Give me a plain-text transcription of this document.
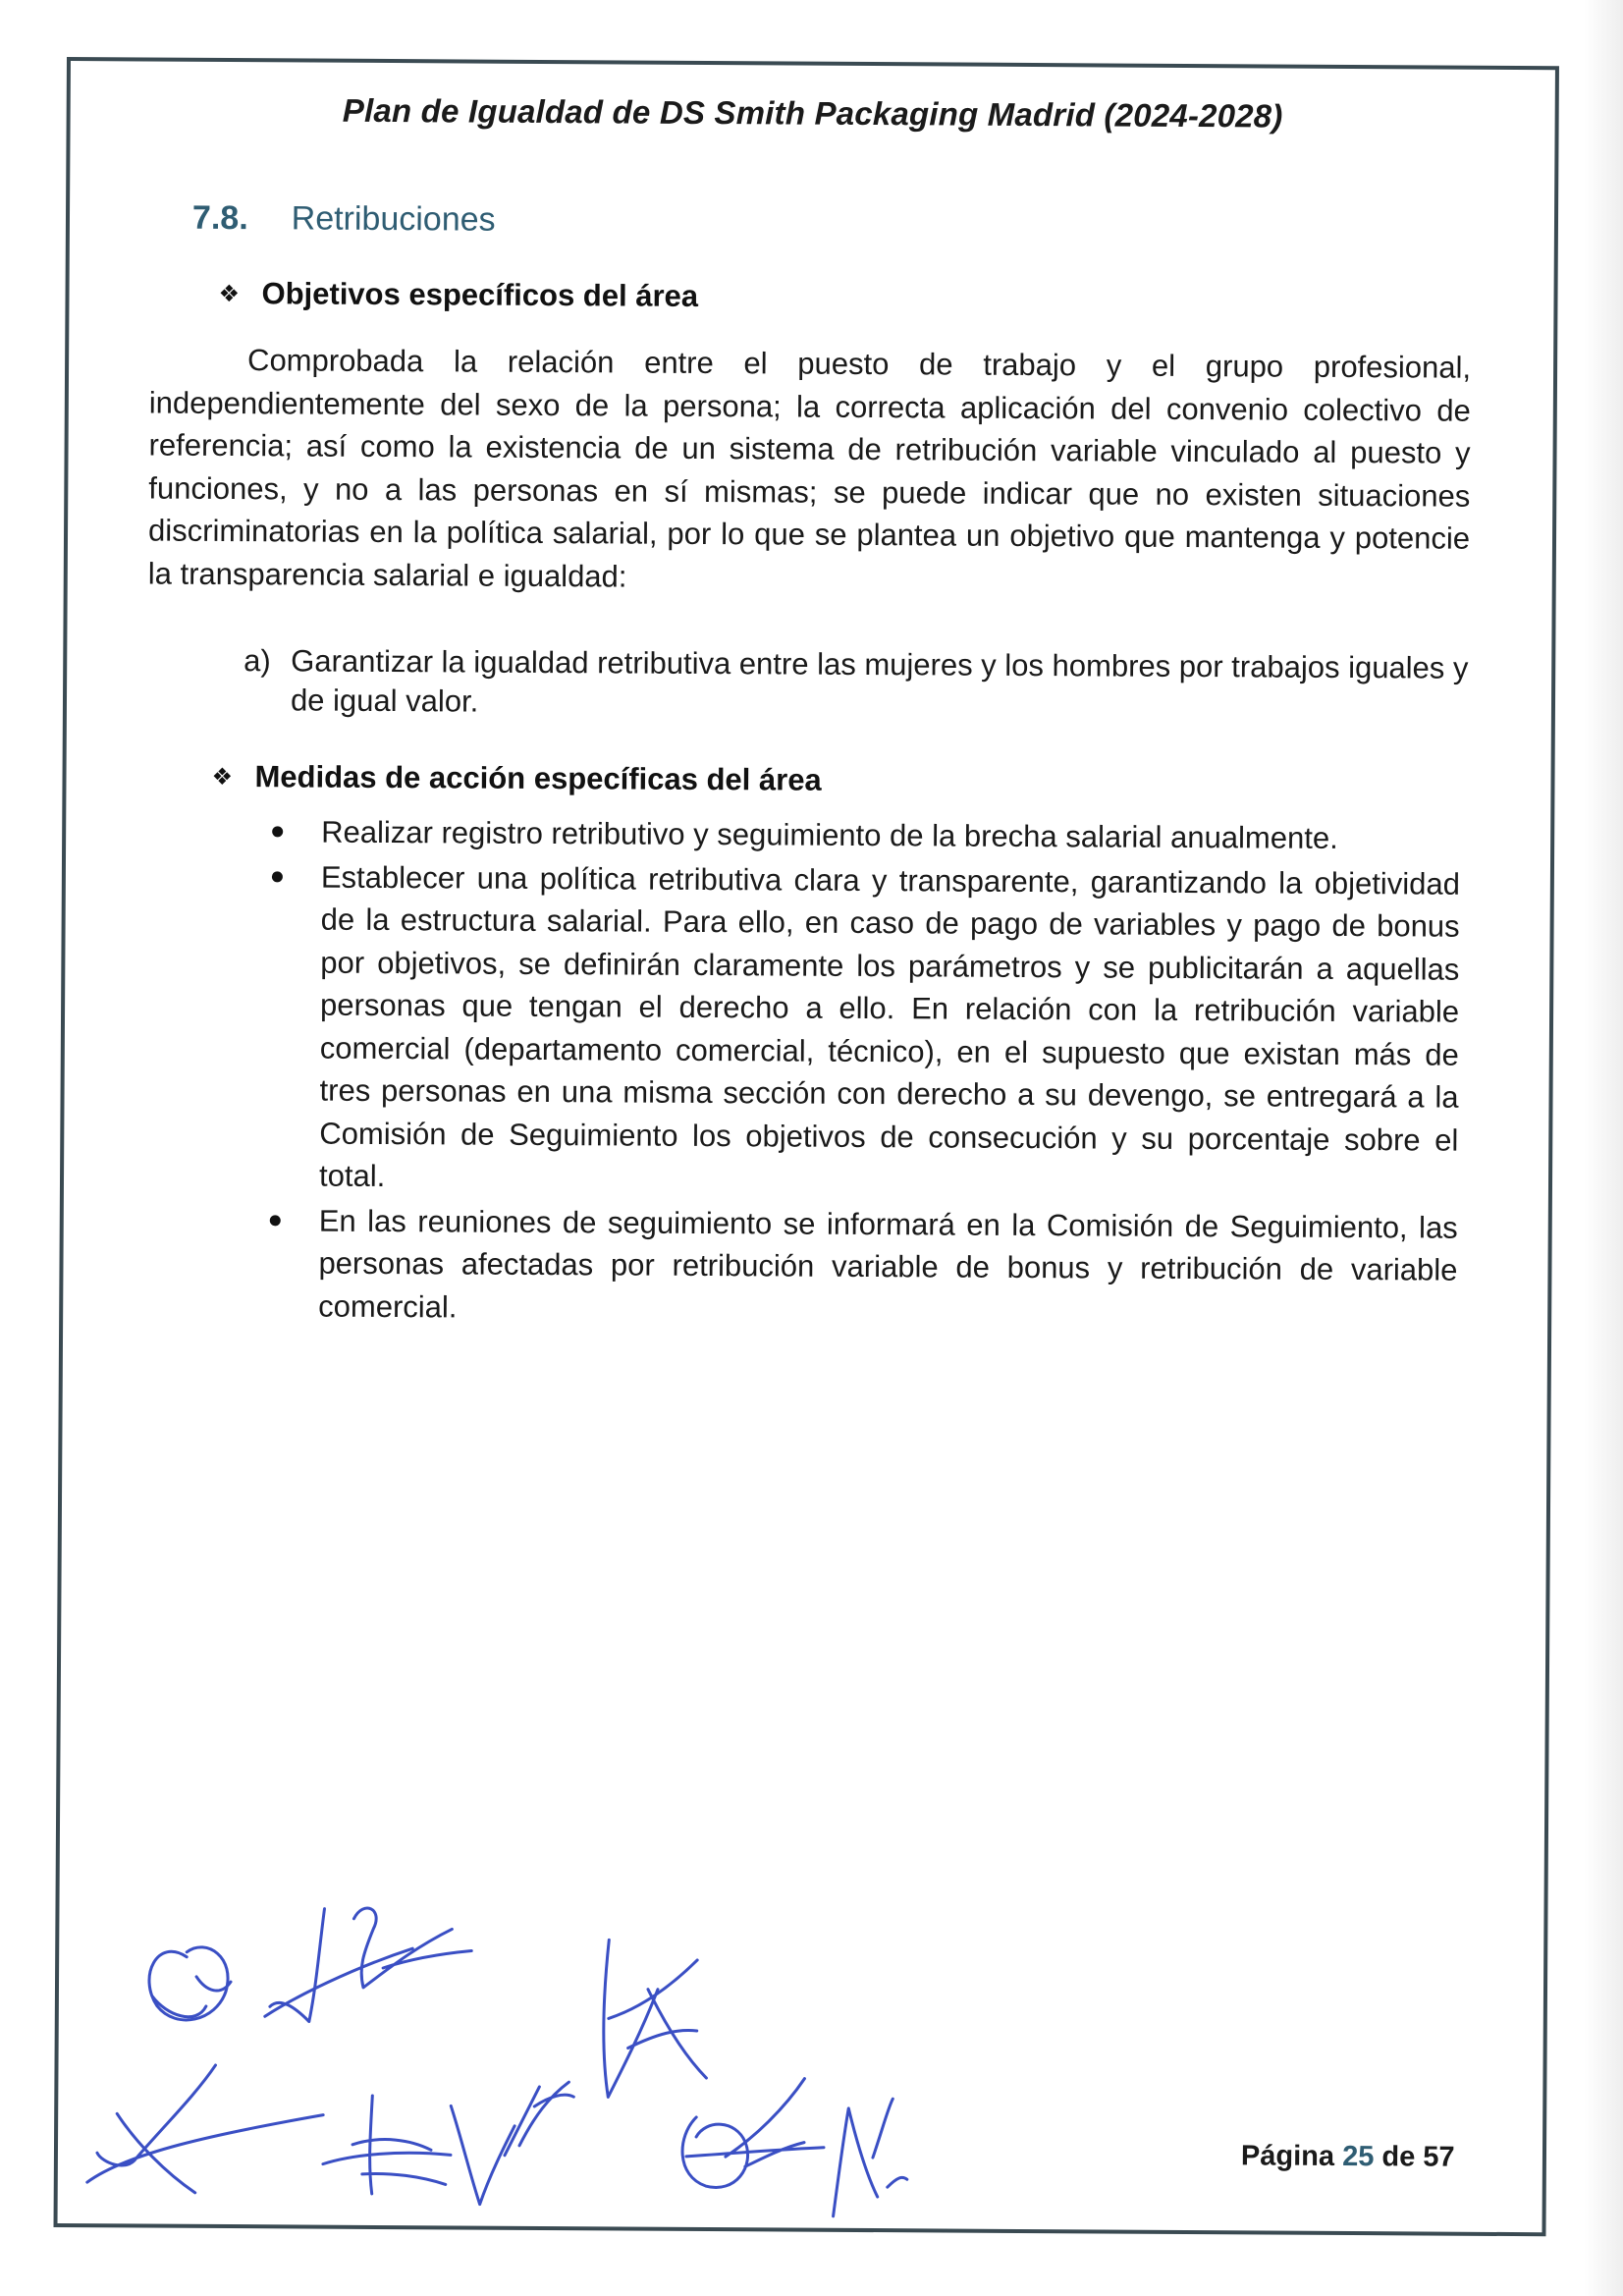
Plan de Igualdad de DS Smith Packaging Madrid (2024-2028)
7.8. Retribuciones
❖ Objetivos específicos del área
Comprobada la relación entre el puesto de trabajo y el grupo profesional, independientemente del sexo de la persona; la correcta aplicación del convenio colectivo de referencia; así como la existencia de un sistema de retribución variable vinculado al puesto y funciones, y no a las personas en sí mismas; se puede indicar que no existen situaciones discriminatorias en la política salarial, por lo que se plantea un objetivo que mantenga y potencie la transparencia salarial e igualdad:
a) Garantizar la igualdad retributiva entre las mujeres y los hombres por trabajos iguales y de igual valor.
❖ Medidas de acción específicas del área
Realizar registro retributivo y seguimiento de la brecha salarial anualmente.
Establecer una política retributiva clara y transparente, garantizando la objetividad de la estructura salarial. Para ello, en caso de pago de variables y pago de bonus por objetivos, se definirán claramente los parámetros y se publicitarán a aquellas personas que tengan el derecho a ello. En relación con la retribución variable comercial (departamento comercial, técnico), en el supuesto que existan más de tres personas en una misma sección con derecho a su devengo, se entregará a la Comisión de Seguimiento los objetivos de consecución y su porcentaje sobre el total.
En las reuniones de seguimiento se informará en la Comisión de Seguimiento, las personas afectadas por retribución variable de bonus y retribución de variable comercial.
Página 25 de 57
